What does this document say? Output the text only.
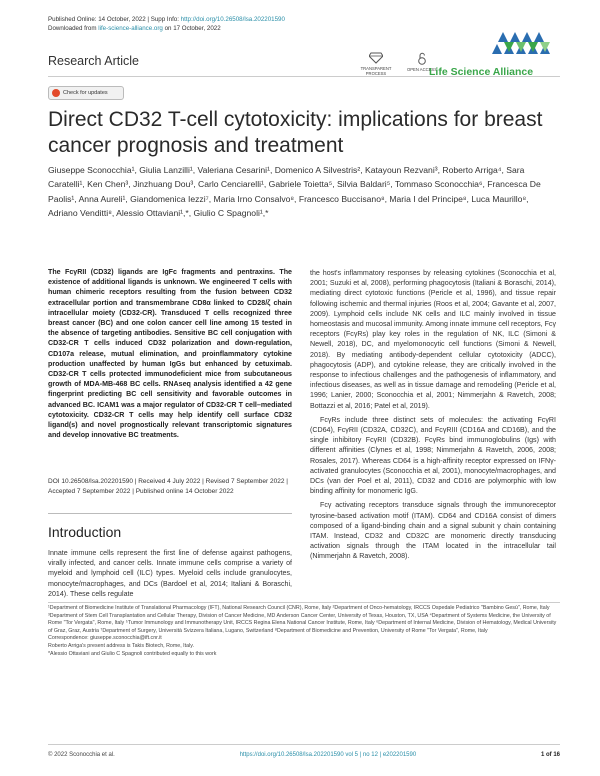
Published Online: 14 October, 2022 | Supp Info: http://doi.org/10.26508/lsa.202201590
Downloaded from life-science-alliance.org on 17 October, 2022
Research Article
TRANSPARENT PROCESS
OPEN ACCESS
Life Science Alliance
Check for updates
Direct CD32 T-cell cytotoxicity: implications for breast cancer prognosis and treatment
Giuseppe Sconocchia¹, Giulia Lanzilli¹, Valeriana Cesarini¹, Domenico A Silvestris², Katayoun Rezvani³, Roberto Arriga⁴, Sara Caratelli¹, Ken Chen³, Jinzhuang Dou³, Carlo Cenciarelli¹, Gabriele Toietta⁵, Silvia Baldari⁵, Tommaso Sconocchia⁶, Francesca De Paolis¹, Anna Aureli¹, Giandomenica Iezzi⁷, Maria Irno Consalvo⁸, Francesco Buccisano⁸, Maria I del Principe⁸, Luca Maurillo⁸, Adriano Venditti⁸, Alessio Ottaviani¹,*, Giulio C Spagnoli¹,*
The FcγRII (CD32) ligands are IgFc fragments and pentraxins. The existence of additional ligands is unknown. We engineered T cells with human chimeric receptors resulting from the fusion between CD32 extracellular portion and transmembrane CD8α linked to CD28/ζ chain intracellular moiety (CD32-CR). Transduced T cells recognized three breast cancer (BC) and one colon cancer cell line among 15 tested in the absence of targeting antibodies. Sensitive BC cell conjugation with CD32-CR T cells induced CD32 polarization and down-regulation, CD107a release, mutual elimination, and proinflammatory cytokine production unaffected by human IgGs but enhanced by cetuximab. CD32-CR T cells protected immunodeficient mice from subcutaneous growth of MDA-MB-468 BC cells. RNAseq analysis identified a 42 gene fingerprint predicting BC cell sensitivity and favorable outcomes in advanced BC. ICAM1 was a major regulator of CD32-CR T cell–mediated cytotoxicity. CD32-CR T cells may help identify cell surface CD32 ligand(s) and novel prognostically relevant transcriptomic signatures and develop innovative BC treatments.
DOI 10.26508/lsa.202201590 | Received 4 July 2022 | Revised 7 September 2022 | Accepted 7 September 2022 | Published online 14 October 2022
Introduction
Innate immune cells represent the first line of defense against pathogens, virally infected, and cancer cells. Innate immune cells comprise a variety of myeloid and lymphoid cell (ILC) types. Myeloid cells include granulocytes, monocyte/macrophages, and DCs (Bardoel et al, 2014; Italiani & Boraschi, 2014). These cells regulate

the host's inflammatory responses by releasing cytokines (Sconocchia et al, 2001; Suzuki et al, 2008), performing phagocytosis (Italiani & Boraschi, 2014), mediating direct cytotoxic functions (Pericle et al, 1996), and tissue repair following ischemic and thermal injuries (Roos et al, 2004; Gavante et al, 2007, 2009). Lymphoid cells include NK cells and ILC mainly involved in tissue homeostasis and mucosal immunity. Among innate immune cell receptors, Fcγ receptors (FcγRs) play key roles in the regulation of NK, ILC (Simoni & Newell, 2018), DC, and myelomonocytic cell functions (Simoni & Newell, 2018). By mediating antibody-dependent cellular cytotoxicity (ADCC), phagocytosis (ADP), and cytokine release, they are critically involved in the response to infectious challenges and the pathogenesis of inflammatory, and infectious diseases, as well as in tissue damage and remodeling (Pericle et al, 1996; Lanier, 2000; Sconocchia et al, 2001; Nimmerjahn & Ravetch, 2008; Bottazzi et al, 2016; Patel et al, 2019).

FcγRs include three distinct sets of molecules: the activating FcγRI (CD64), FcγRII (CD32A, CD32C), and FcγRIII (CD16A and CD16B), and the single inhibitory FcγRII (CD32B). FcγRs bind immunoglobulins (Igs) with different affinities (Clynes et al, 1998; Nimmerjahn & Ravetch, 2006, 2008; Rosales, 2017). Whereas CD64 is a high-affinity receptor expressed on IFNγ-activated granulocytes (Sconocchia et al, 2001), monocyte/macrophages, and DCs (van der Poel et al, 2011), CD32 and CD16 are polymorphic with low binding affinity for monomeric IgG.

Fcγ activating receptors transduce signals through the immunoreceptor tyrosine-based activation motif (ITAM). CD64 and CD16A consist of dimers composed of a ligand-binding chain and a signal subunit γ chain containing ITAM. Instead, CD32 and CD32C are monomeric directly transducing activation signals through the ITAM located in the intracellular tail (Nimmerjahn & Ravetch, 2008).

¹Department of Biomedicine Institute of Translational Pharmacology (IFT), National Research Council (CNR), Rome, Italy ²Department of Onco-hematology, IRCCS Ospedale Pediatrico "Bambino Gesù", Rome, Italy ³Department of Stem Cell Transplantation and Cellular Therapy, Division of Cancer Medicine, MD Anderson Cancer Center, University of Texas, Houston, TX, USA ⁴Department of Systems Medicine, the University of Rome "Tor Vergata", Rome, Italy ⁵Tumor Immunology and Immunotherapy Unit, IRCCS Regina Elena National Cancer Institute, Rome, Italy ⁶Department of Internal Medicine, Division of Hematology, Medical University of Graz, Graz, Austria ⁷Department of Surgery, Università Svizzera Italiana, Lugano, Switzerland ⁸Department of Biomedicine and Prevention, University of Rome "Tor Vergata", Rome, Italy
Correspondence: giuseppe.sconocchia@ift.cnr.it
Roberto Arriga's present address is Takis Biotech, Rome, Italy.
*Alessio Ottaviani and Giulio C Spagnoli contributed equally to this work
© 2022 Sconocchia et al.	https://doi.org/10.26508/lsa.202201590 vol 5 | no 12 | e202201590	1 of 16
